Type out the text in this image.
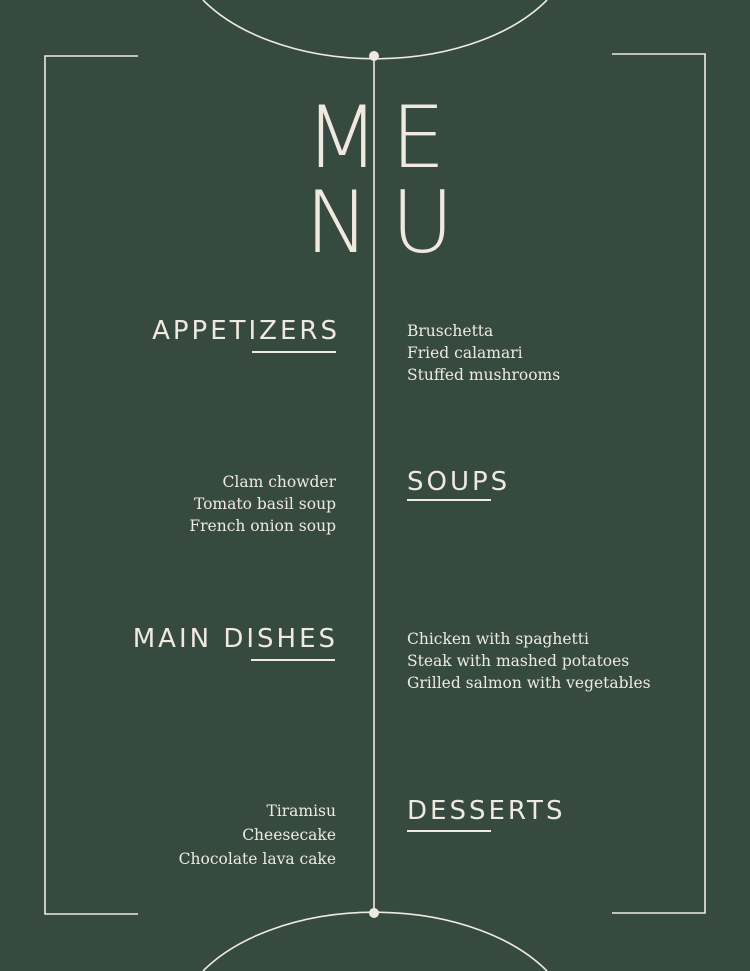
M E
N U
APPETIZERS	Bruschetta
Fried calamari
Stuffed mushrooms
Clam chowder
Tomato basil soup
French onion soup
SOUPS
MAIN DISHES	Chicken with spaghetti
Steak with mashed potatoes
Grilled salmon with vegetables
Tiramisu
Cheesecake
Chocolate lava cake
DESSERTS
